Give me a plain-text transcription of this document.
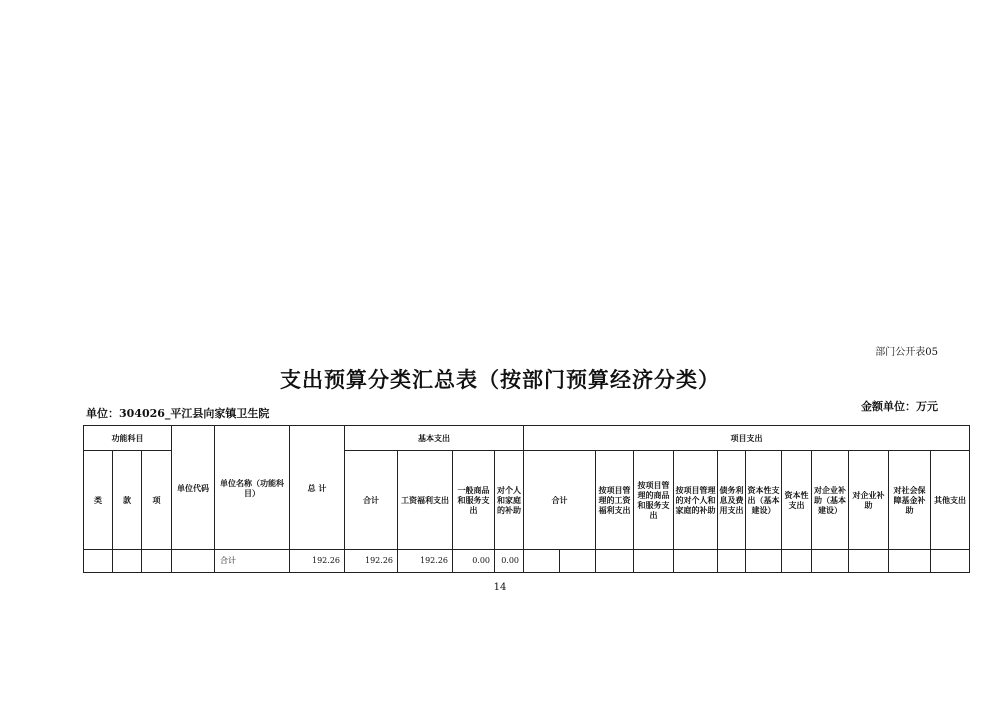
部门公开表05
支出预算分类汇总表（按部门预算经济分类）
单位：304026_平江县向家镇卫生院
金额单位：万元
功能科目			单位代码	单位名称（功能科目）	总 计	基本支出				项目支出											
类	款	项				合计	工资福利支出	一般商品和服务支出	对个人和家庭的补助	合计		按项目管理的工资福利支出	按项目管理的商品和服务支出	按项目管理的对个人和家庭的补助	债务利息及费用支出	资本性支出（基本建设）	资本性支出	对企业补助（基本建设）	对企业补助	对社会保障基金补助	其他支出
				合计	192.26	192.26	192.26	0.00	0.00												
14
